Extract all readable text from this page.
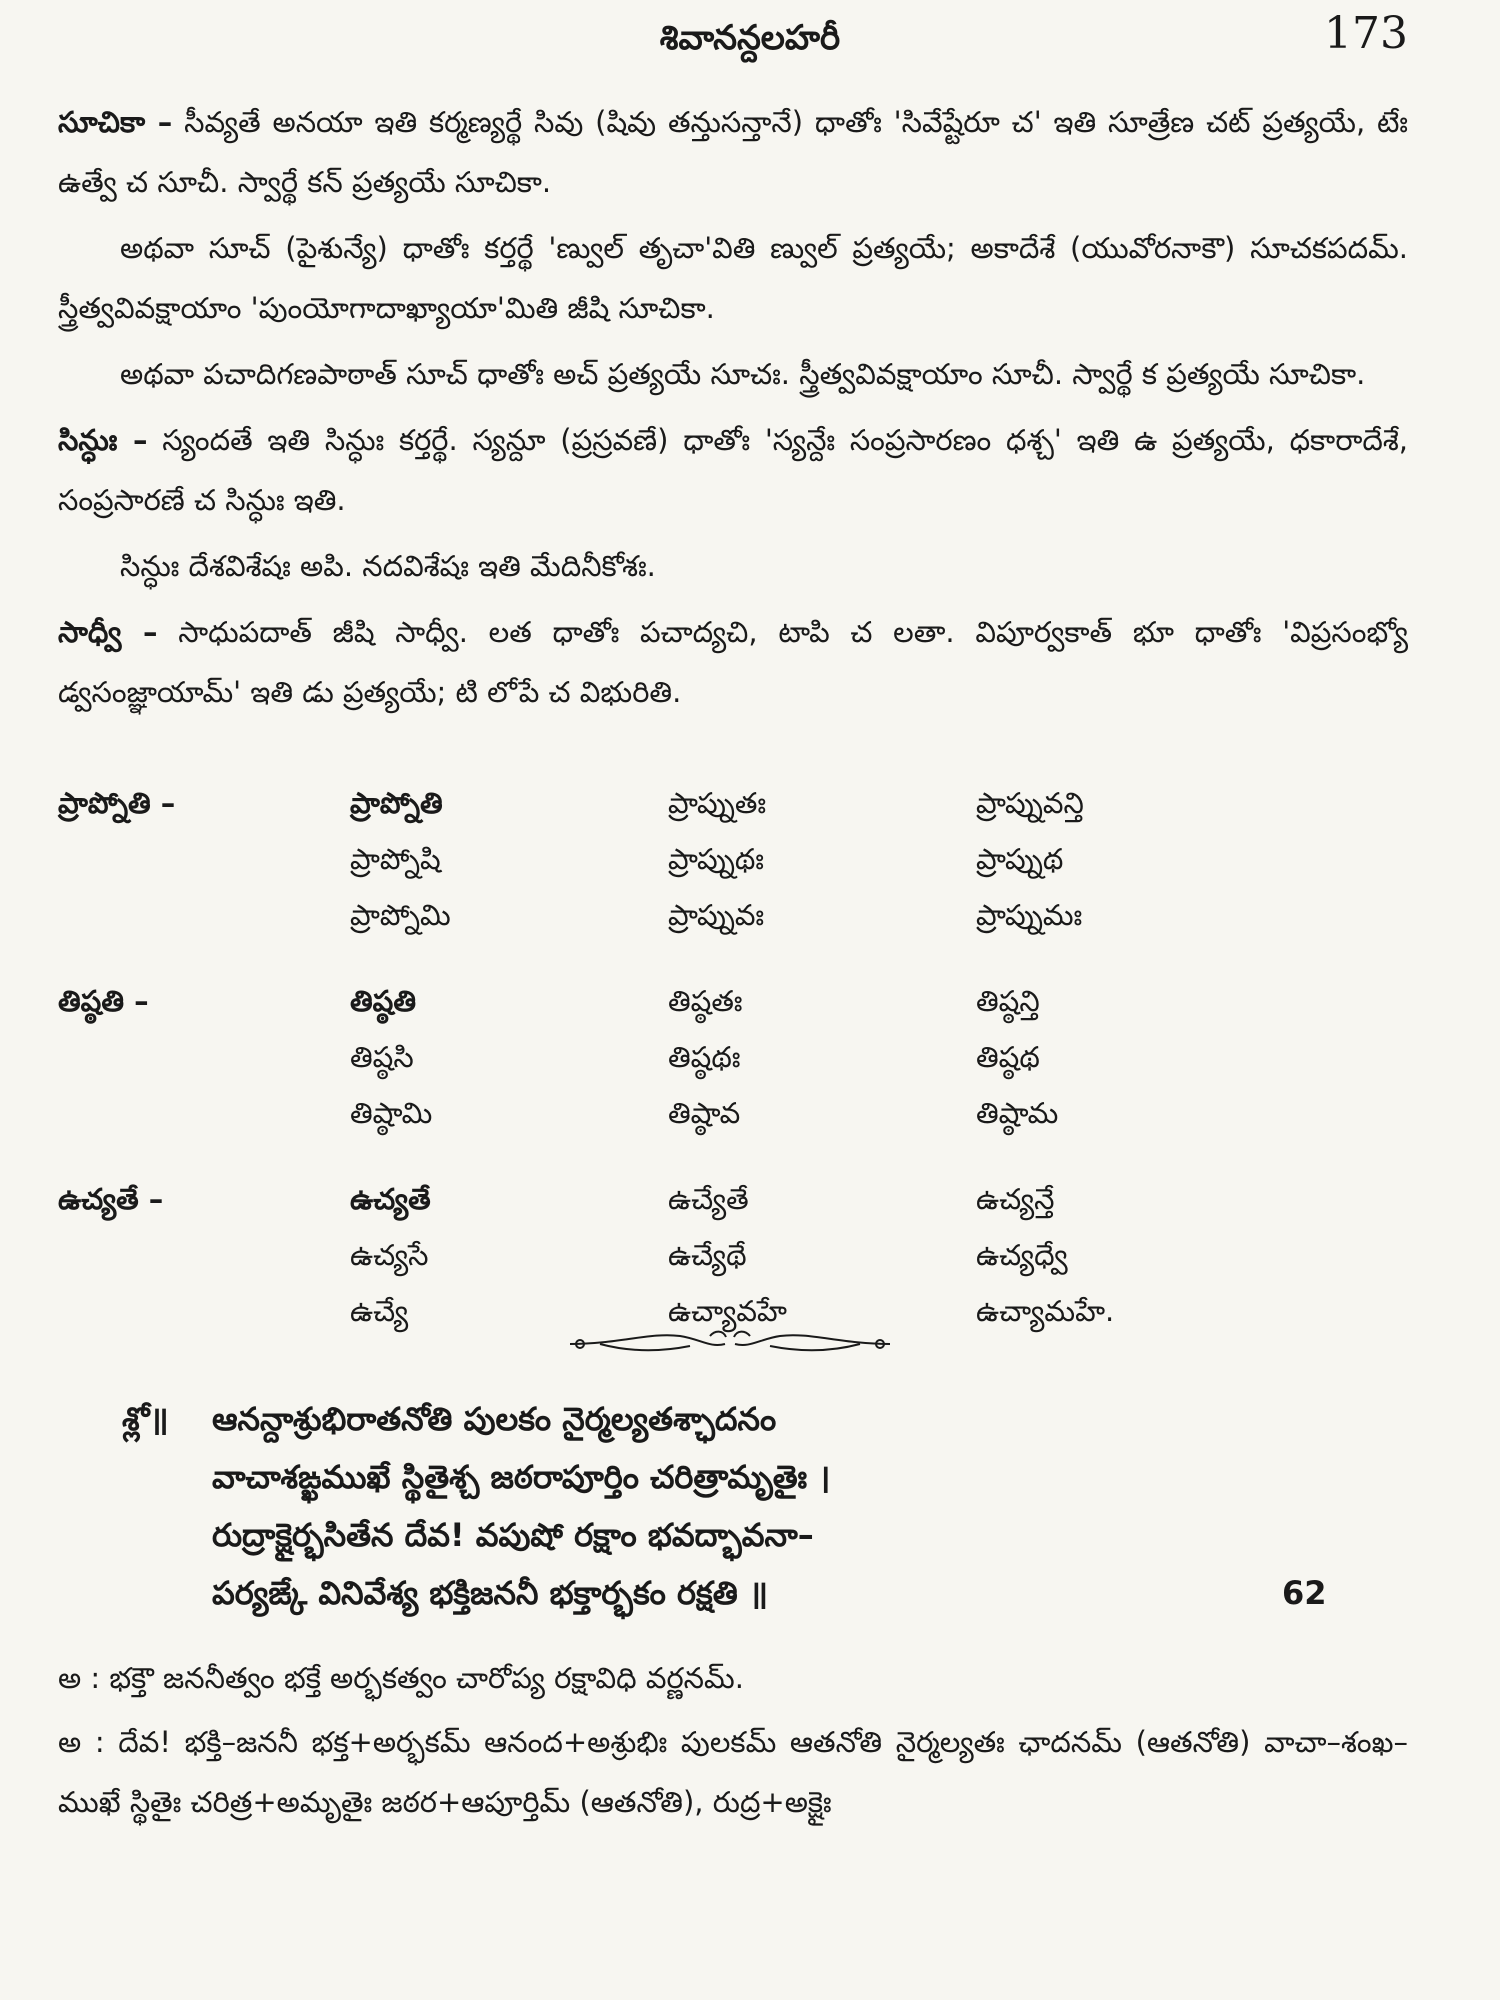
శివానన్దలహరీ	173

సూచికా – సీవ్యతే అనయా ఇతి కర్మణ్యర్థే సివు (షివు తన్తుసన్తానే) ధాతోః 'సివేష్టేరూ చ' ఇతి సూత్రేణ చట్ ప్రత్యయే, టేః ఉత్వే చ సూచీ. స్వార్థే కన్ ప్రత్యయే సూచికా.

అథవా సూచ్ (పైశున్యే) ధాతోః కర్తర్థే 'ణ్వుల్ తృచా'వితి ణ్వుల్ ప్రత్యయే; అకాదేశే (యువోరనాకౌ) సూచకపదమ్. స్త్రీత్వవివక్షాయాం 'పుంయోగాదాఖ్యాయా'మితి జీషి సూచికా.

అథవా పచాదిగణపాఠాత్ సూచ్ ధాతోః అచ్ ప్రత్యయే సూచః. స్త్రీత్వవివక్షాయాం సూచీ. స్వార్థే క ప్రత్యయే సూచికా.

సిన్ధుః – స్యందతే ఇతి సిన్ధుః కర్తర్థే. స్యన్దూ (ప్రస్రవణే) ధాతోః 'స్యన్దేః సంప్రసారణం ధశ్చ' ఇతి ఉ ప్రత్యయే, ధకారాదేశే, సంప్రసారణే చ సిన్ధుః ఇతి.

సిన్ధుః దేశవిశేషః అపి. నదవిశేషః ఇతి మేదినీకోశః.

సాధ్వీ – సాధుపదాత్ జీషి సాధ్వీ. లత ధాతోః పచాద్యచి, టాపి చ లతా. విపూర్వకాత్ భూ ధాతోః 'విప్రసంభ్యో డ్వసంజ్ఞాయామ్' ఇతి డు ప్రత్యయే; టి లోపే చ విభురితి.

ప్రాప్నోతి –	ప్రాప్నోతి	ప్రాప్నుతః	ప్రాప్నువన్తి
ప్రాప్నోషి	ప్రాప్నుథః	ప్రాప్నుథ
ప్రాప్నోమి	ప్రాప్నువః	ప్రాప్నుమః
తిష్ఠతి –	తిష్ఠతి	తిష్ఠతః	తిష్ఠన్తి
తిష్ఠసి	తిష్ఠథః	తిష్ఠథ
తిష్ఠామి	తిష్ఠావ	తిష్ఠామ
ఉచ్యతే –	ఉచ్యతే	ఉచ్యేతే	ఉచ్యన్తే
ఉచ్యసే	ఉచ్యేథే	ఉచ్యధ్వే
ఉచ్యే	ఉచ్యావహే	ఉచ్యామహే.
శ్లో॥ ఆనన్దాశ్రుభిరాతనోతి పులకం నైర్మల్యతశ్ఛాదనం
వాచాశఙ్ఖముఖే స్థితైశ్చ జఠరాపూర్తిం చరిత్రామృతైః ।
రుద్రాక్షైర్భసితేన దేవ! వపుషో రక్షాం భవద్భావనా–
పర్యఙ్కే వినివేశ్య భక్తిజననీ భక్తార్భకం రక్షతి ॥	62

అ : భక్తౌ జననీత్వం భక్తే అర్భకత్వం చారోప్య రక్షావిధి వర్ణనమ్.

అ : దేవ! భక్తి–జననీ భక్త+అర్భకమ్ ఆనంద+అశ్రుభిః పులకమ్ ఆతనోతి నైర్మల్యతః ఛాదనమ్ (ఆతనోతి) వాచా–శంఖ–ముఖే స్థితైః చరిత్ర+అమృతైః జఠర+ఆపూర్తిమ్ (ఆతనోతి), రుద్ర+అక్షైః
